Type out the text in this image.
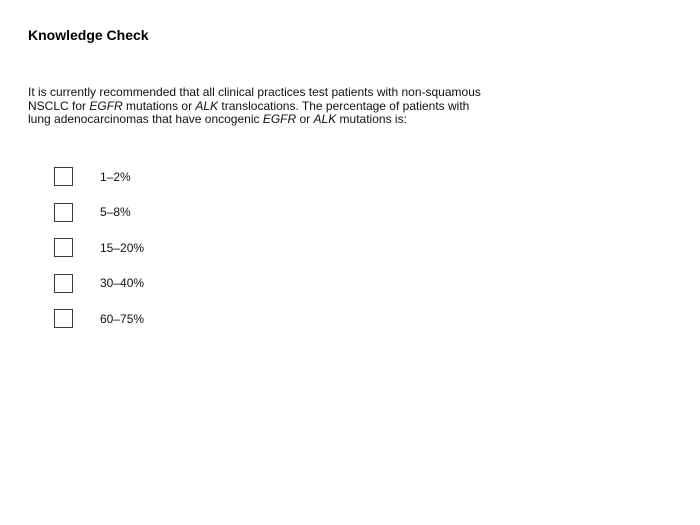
Knowledge Check
It is currently recommended that all clinical practices test patients with non-squamous
NSCLC for EGFR mutations or ALK translocations. The percentage of patients with
lung adenocarcinomas that have oncogenic EGFR or ALK mutations is:
1–2%
5–8%
15–20%
30–40%
60–75%
